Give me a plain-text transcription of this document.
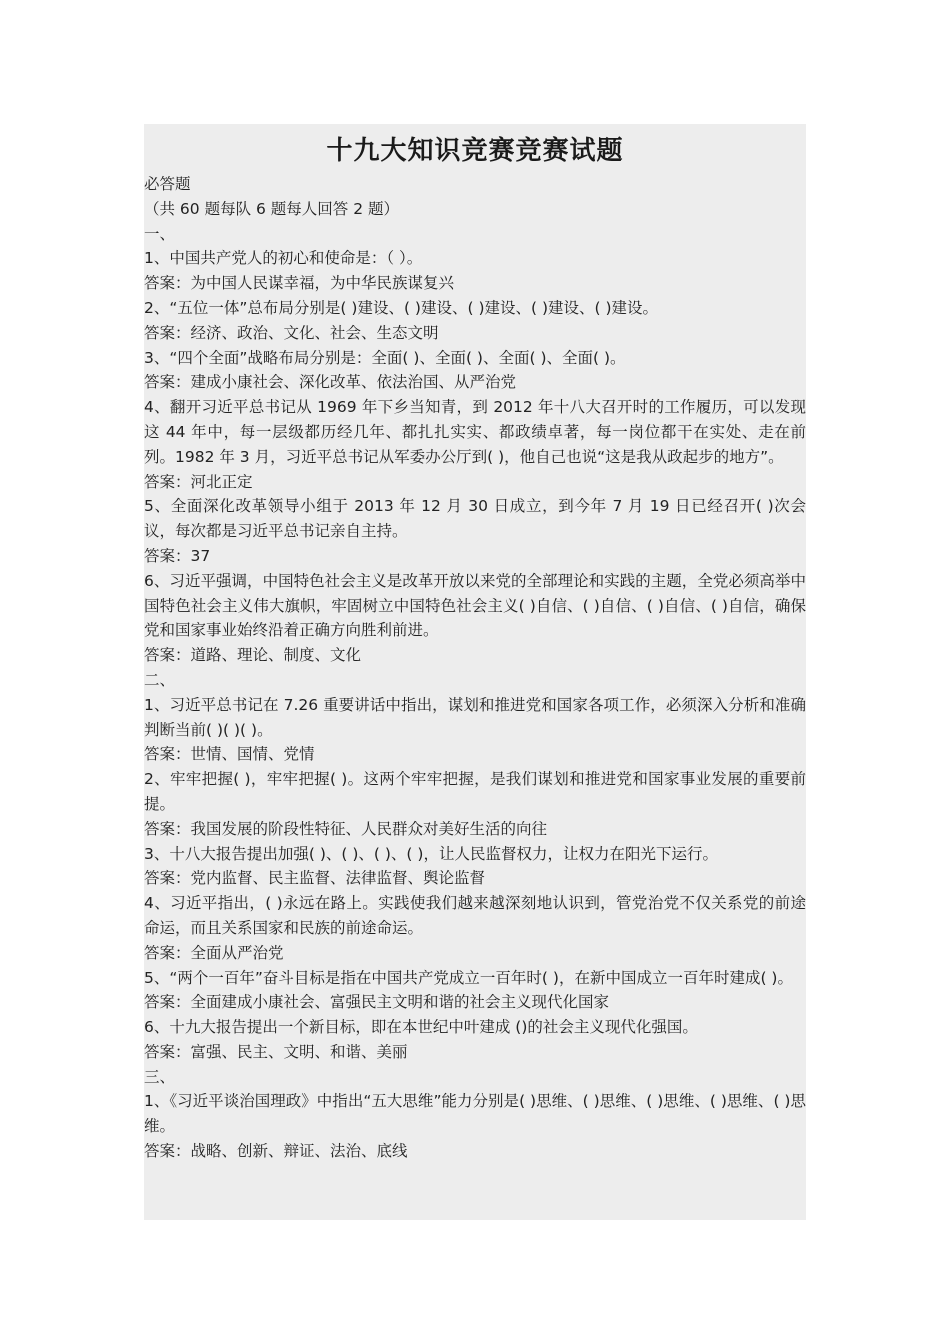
十九大知识竞赛竞赛试题

必答题

（共 60 题每队 6 题每人回答 2 题）

一、

1、中国共产党人的初心和使命是：（ ）。

答案：为中国人民谋幸福，为中华民族谋复兴

2、“五位一体”总布局分别是( )建设、( )建设、( )建设、( )建设、( )建设。

答案：经济、政治、文化、社会、生态文明

3、“四个全面”战略布局分别是：全面( )、全面( )、全面( )、全面( )。

答案：建成小康社会、深化改革、依法治国、从严治党

4、翻开习近平总书记从 1969 年下乡当知青，到 2012 年十八大召开时的工作履历，可以发现这 44 年中，每一层级都历经几年、都扎扎实实、都政绩卓著，每一岗位都干在实处、走在前列。1982 年 3 月，习近平总书记从军委办公厅到( )，他自己也说“这是我从政起步的地方”。

答案：河北正定

5、全面深化改革领导小组于 2013 年 12 月 30 日成立，到今年 7 月 19 日已经召开( )次会议，每次都是习近平总书记亲自主持。

答案：37

6、习近平强调，中国特色社会主义是改革开放以来党的全部理论和实践的主题，全党必须高举中国特色社会主义伟大旗帜，牢固树立中国特色社会主义( )自信、( )自信、( )自信、( )自信，确保党和国家事业始终沿着正确方向胜利前进。

答案：道路、理论、制度、文化

二、

1、习近平总书记在 7.26 重要讲话中指出，谋划和推进党和国家各项工作，必须深入分析和准确判断当前( )( )( )。

答案：世情、国情、党情

2、牢牢把握( )，牢牢把握( )。这两个牢牢把握，是我们谋划和推进党和国家事业发展的重要前提。

答案：我国发展的阶段性特征、人民群众对美好生活的向往

3、十八大报告提出加强( )、( )、( )、( )，让人民监督权力，让权力在阳光下运行。

答案：党内监督、民主监督、法律监督、舆论监督

4、习近平指出，( )永远在路上。实践使我们越来越深刻地认识到，管党治党不仅关系党的前途命运，而且关系国家和民族的前途命运。

答案：全面从严治党

5、“两个一百年”奋斗目标是指在中国共产党成立一百年时( )，在新中国成立一百年时建成( )。

答案：全面建成小康社会、富强民主文明和谐的社会主义现代化国家

6、十九大报告提出一个新目标，即在本世纪中叶建成 ()的社会主义现代化强国。

答案：富强、民主、文明、和谐、美丽

三、

1、《习近平谈治国理政》中指出“五大思维”能力分别是( )思维、( )思维、( )思维、( )思维、( )思维。

答案：战略、创新、辩证、法治、底线
